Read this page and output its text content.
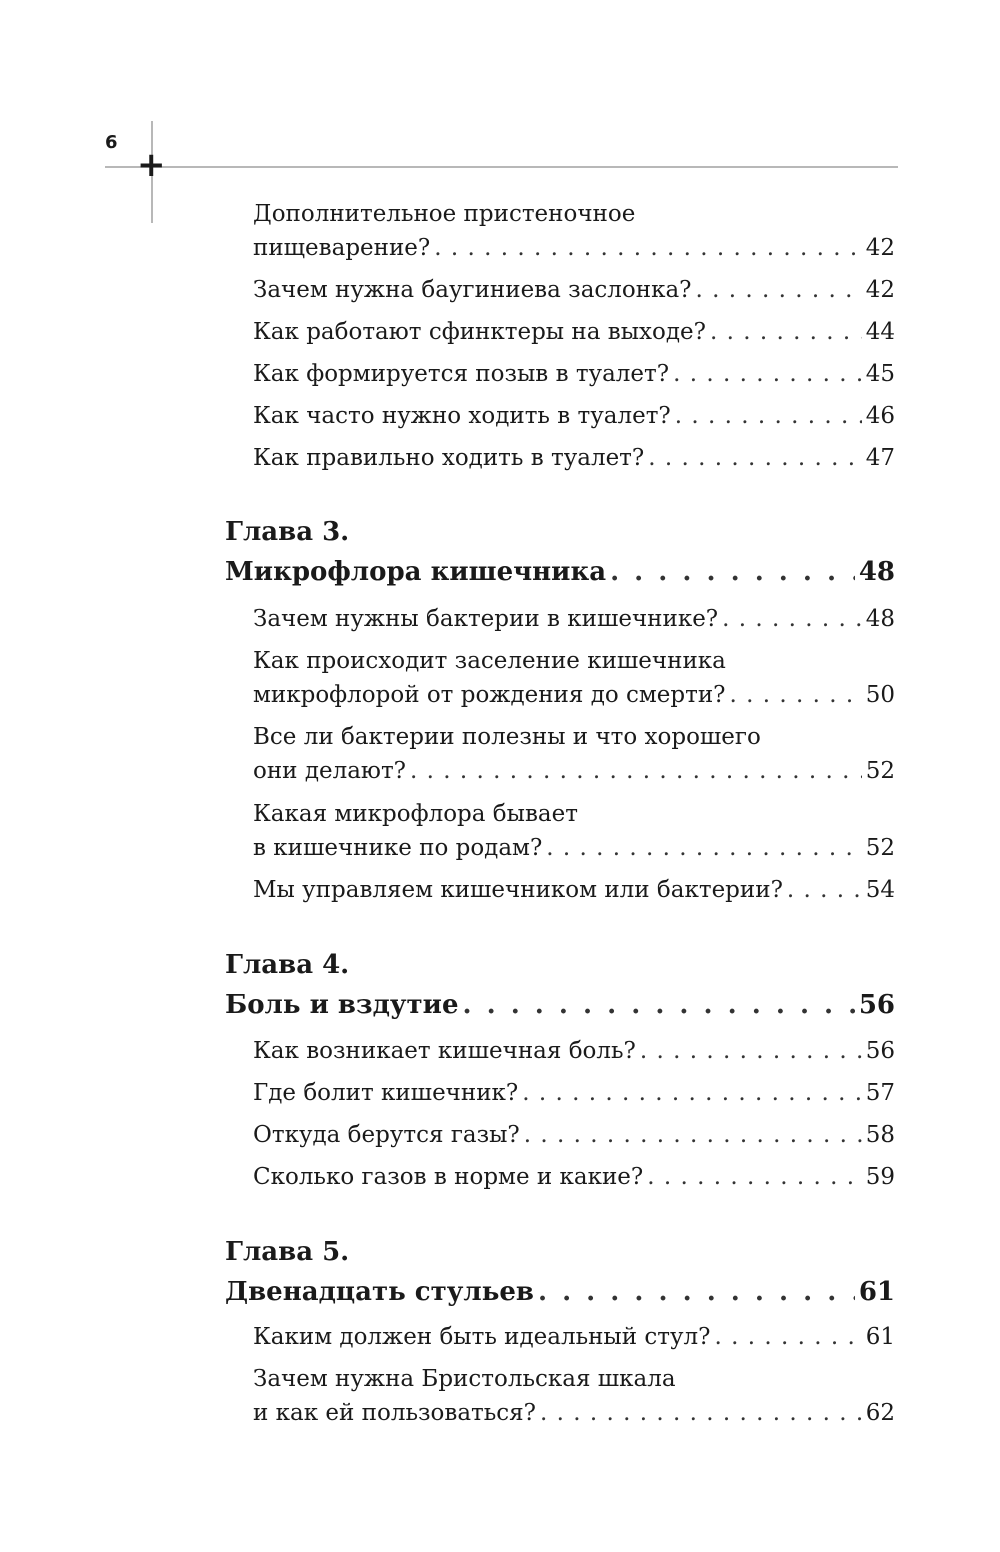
6
+
Дополнительное пристеночное
пищеварение? . . .	42
Зачем нужна баугиниева заслонка? . . .	42
Как работают сфинктеры на выходе? . . .	44
Как формируется позыв в туалет? . . .	45
Как часто нужно ходить в туалет? . . .	46
Как правильно ходить в туалет? . . .	47
Глава 3.
Микрофлора кишечника . . .	48
Зачем нужны бактерии в кишечнике? . . .	48
Как происходит заселение кишечника
микрофлорой от рождения до смерти? . . .	50
Все ли бактерии полезны и что хорошего
они делают? . . .	52
Какая микрофлора бывает
в кишечнике по родам? . . .	52
Мы управляем кишечником или бактерии? . . .	54
Глава 4.
Боль и вздутие . . .	56
Как возникает кишечная боль? . . .	56
Где болит кишечник? . . .	57
Откуда берутся газы? . . .	58
Сколько газов в норме и какие? . . .	59
Глава 5.
Двенадцать стульев . . .	61
Каким должен быть идеальный стул? . . .	61
Зачем нужна Бристольская шкала
и как ей пользоваться? . . .	62
